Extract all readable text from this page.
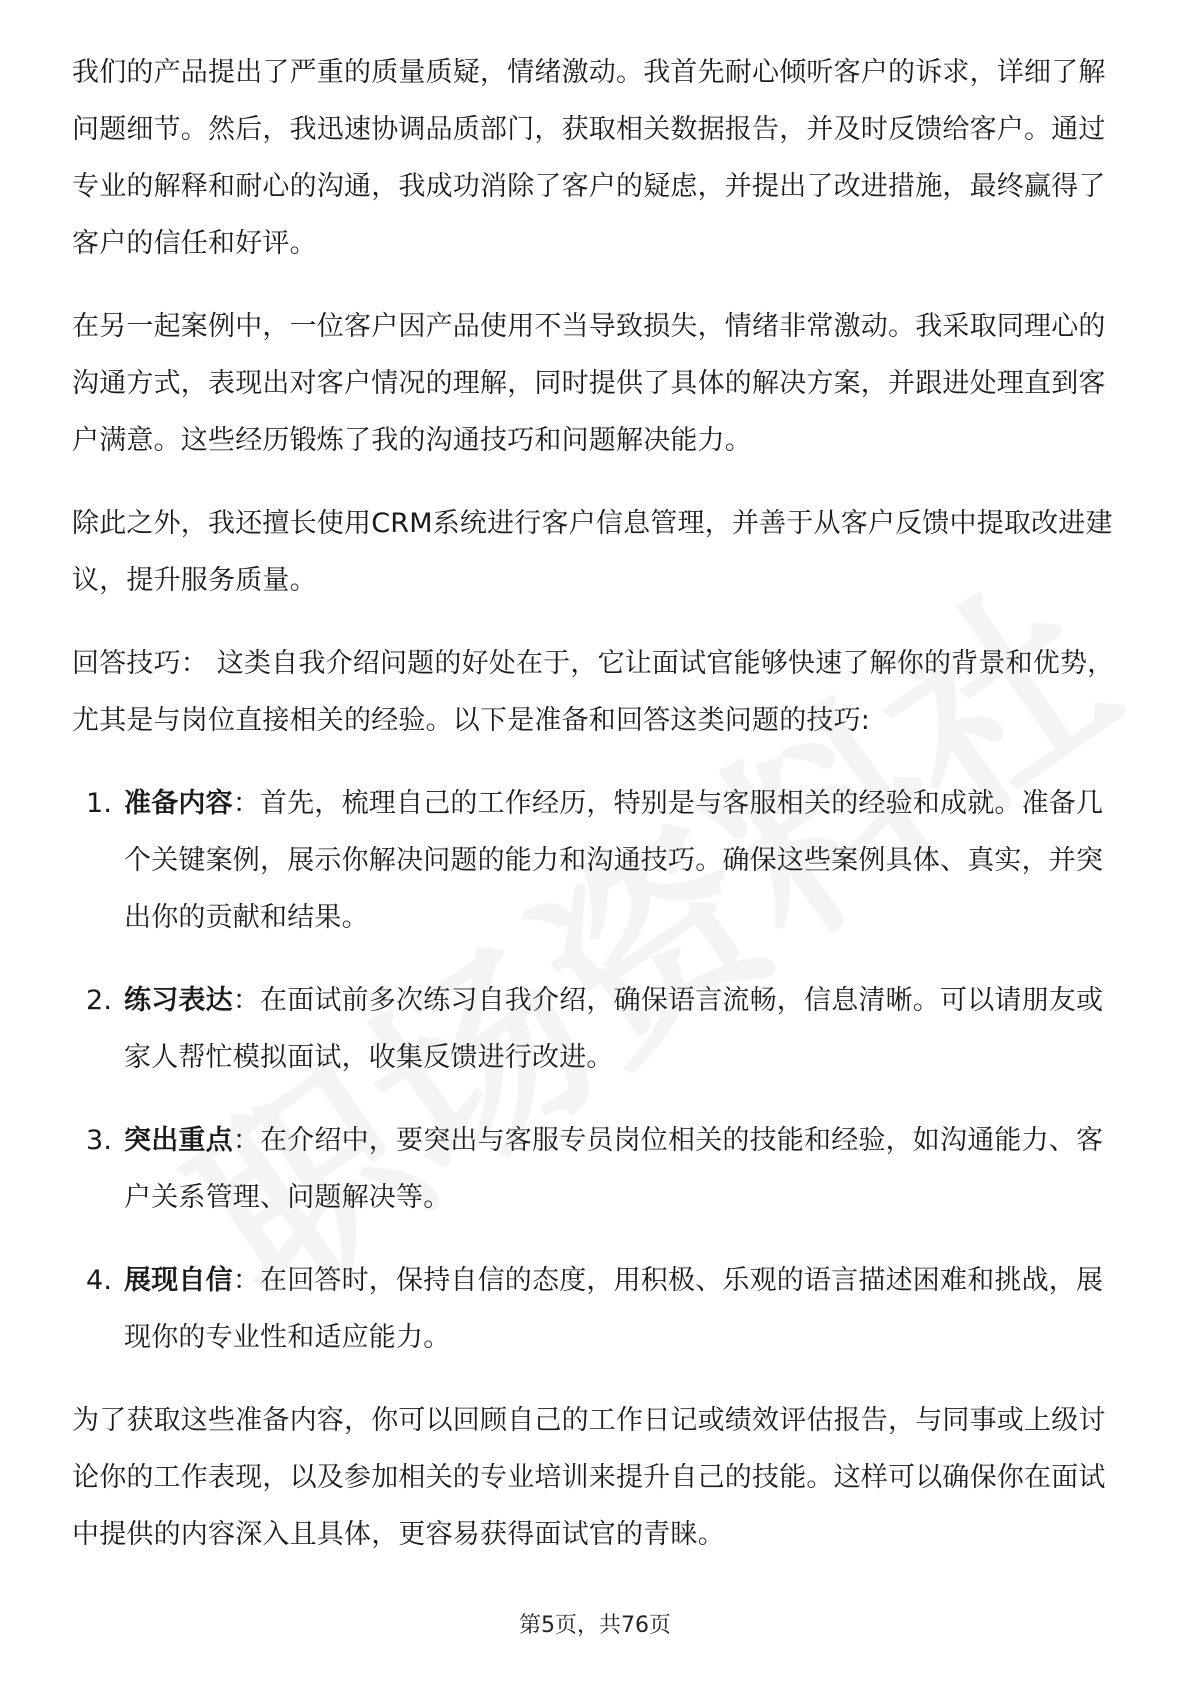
我们的产品提出了严重的质量质疑，情绪激动。我首先耐心倾听客户的诉求，详细了解问题细节。然后，我迅速协调品质部门，获取相关数据报告，并及时反馈给客户。通过专业的解释和耐心的沟通，我成功消除了客户的疑虑，并提出了改进措施，最终赢得了客户的信任和好评。

在另一起案例中，一位客户因产品使用不当导致损失，情绪非常激动。我采取同理心的沟通方式，表现出对客户情况的理解，同时提供了具体的解决方案，并跟进处理直到客户满意。这些经历锻炼了我的沟通技巧和问题解决能力。

除此之外，我还擅长使用CRM系统进行客户信息管理，并善于从客户反馈中提取改进建议，提升服务质量。

回答技巧： 这类自我介绍问题的好处在于，它让面试官能够快速了解你的背景和优势，尤其是与岗位直接相关的经验。以下是准备和回答这类问题的技巧:

1. 准备内容：首先，梳理自己的工作经历，特别是与客服相关的经验和成就。准备几个关键案例，展示你解决问题的能力和沟通技巧。确保这些案例具体、真实，并突出你的贡献和结果。
2. 练习表达：在面试前多次练习自我介绍，确保语言流畅，信息清晰。可以请朋友或家人帮忙模拟面试，收集反馈进行改进。
3. 突出重点：在介绍中，要突出与客服专员岗位相关的技能和经验，如沟通能力、客户关系管理、问题解决等。
4. 展现自信：在回答时，保持自信的态度，用积极、乐观的语言描述困难和挑战，展现你的专业性和适应能力。

为了获取这些准备内容，你可以回顾自己的工作日记或绩效评估报告，与同事或上级讨论你的工作表现，以及参加相关的专业培训来提升自己的技能。这样可以确保你在面试中提供的内容深入且具体，更容易获得面试官的青睐。

第5页，共76页
